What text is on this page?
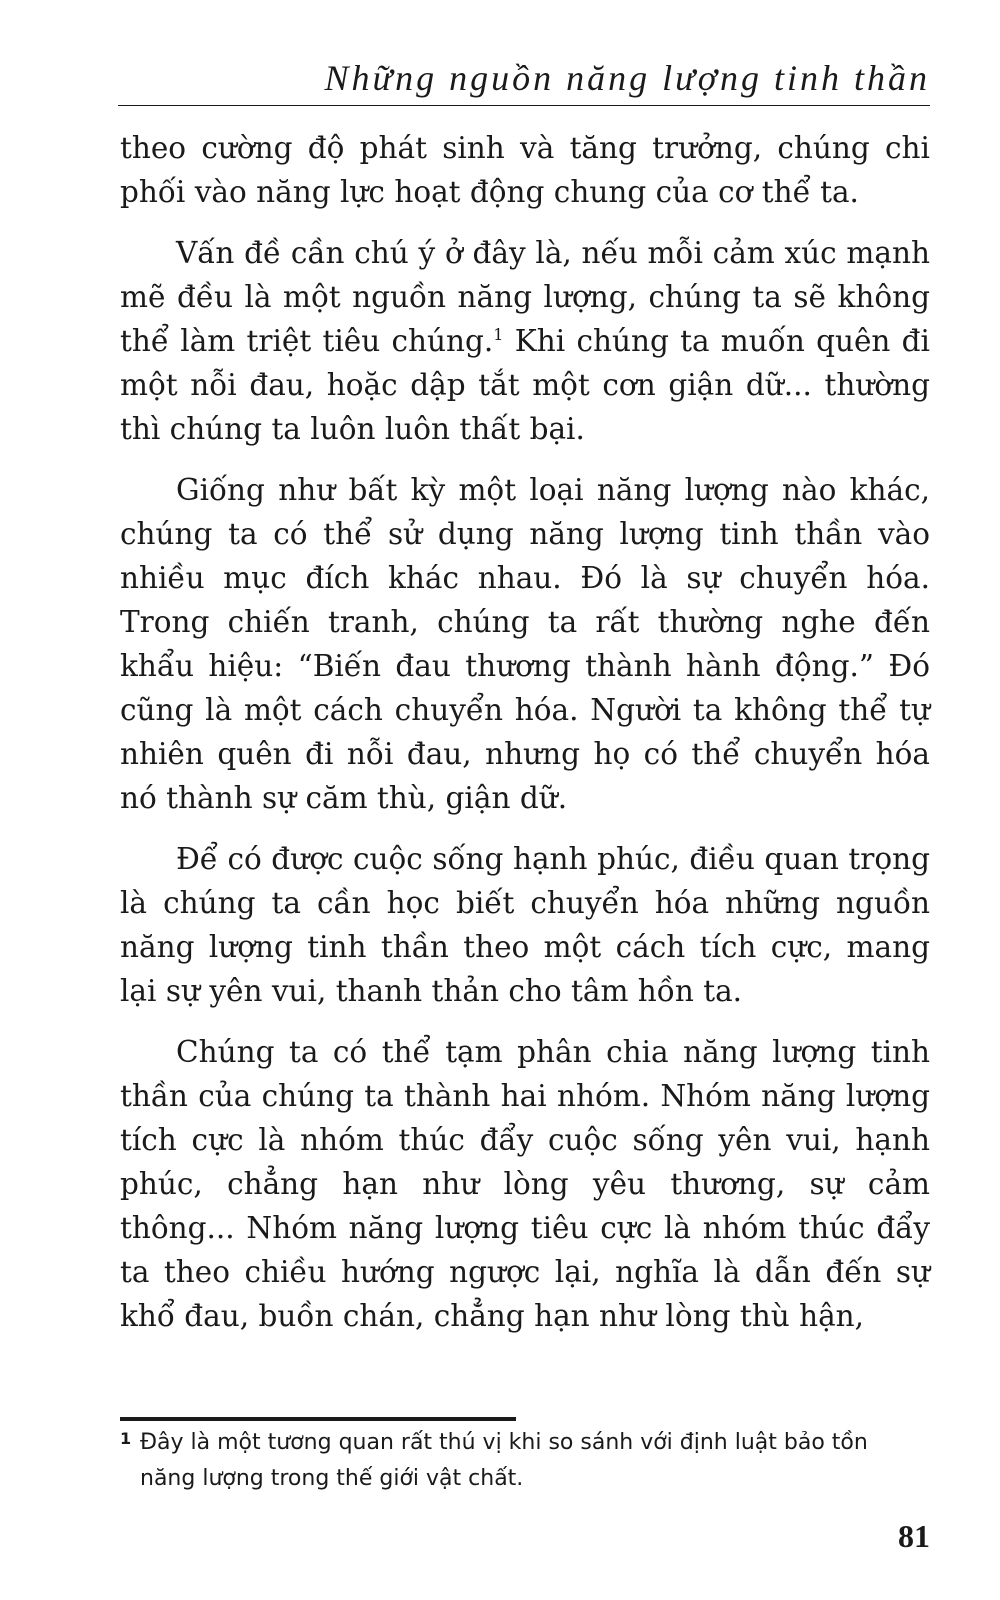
Những nguồn năng lượng tinh thần

theo cường độ phát sinh và tăng trưởng, chúng chi phối vào năng lực hoạt động chung của cơ thể ta.

Vấn đề cần chú ý ở đây là, nếu mỗi cảm xúc mạnh mẽ đều là một nguồn năng lượng, chúng ta sẽ không thể làm triệt tiêu chúng.$^1$ Khi chúng ta muốn quên đi một nỗi đau, hoặc dập tắt một cơn giận dữ... thường thì chúng ta luôn luôn thất bại.

Giống như bất kỳ một loại năng lượng nào khác, chúng ta có thể sử dụng năng lượng tinh thần vào nhiều mục đích khác nhau. Đó là sự chuyển hóa. Trong chiến tranh, chúng ta rất thường nghe đến khẩu hiệu: “Biến đau thương thành hành động.” Đó cũng là một cách chuyển hóa. Người ta không thể tự nhiên quên đi nỗi đau, nhưng họ có thể chuyển hóa nó thành sự căm thù, giận dữ.

Để có được cuộc sống hạnh phúc, điều quan trọng là chúng ta cần học biết chuyển hóa những nguồn năng lượng tinh thần theo một cách tích cực, mang lại sự yên vui, thanh thản cho tâm hồn ta.

Chúng ta có thể tạm phân chia năng lượng tinh thần của chúng ta thành hai nhóm. Nhóm năng lượng tích cực là nhóm thúc đẩy cuộc sống yên vui, hạnh phúc, chẳng hạn như lòng yêu thương, sự cảm thông... Nhóm năng lượng tiêu cực là nhóm thúc đẩy ta theo chiều hướng ngược lại, nghĩa là dẫn đến sự khổ đau, buồn chán, chẳng hạn như lòng thù hận,

1 Đây là một tương quan rất thú vị khi so sánh với định luật bảo tồn năng lượng trong thế giới vật chất.
81
